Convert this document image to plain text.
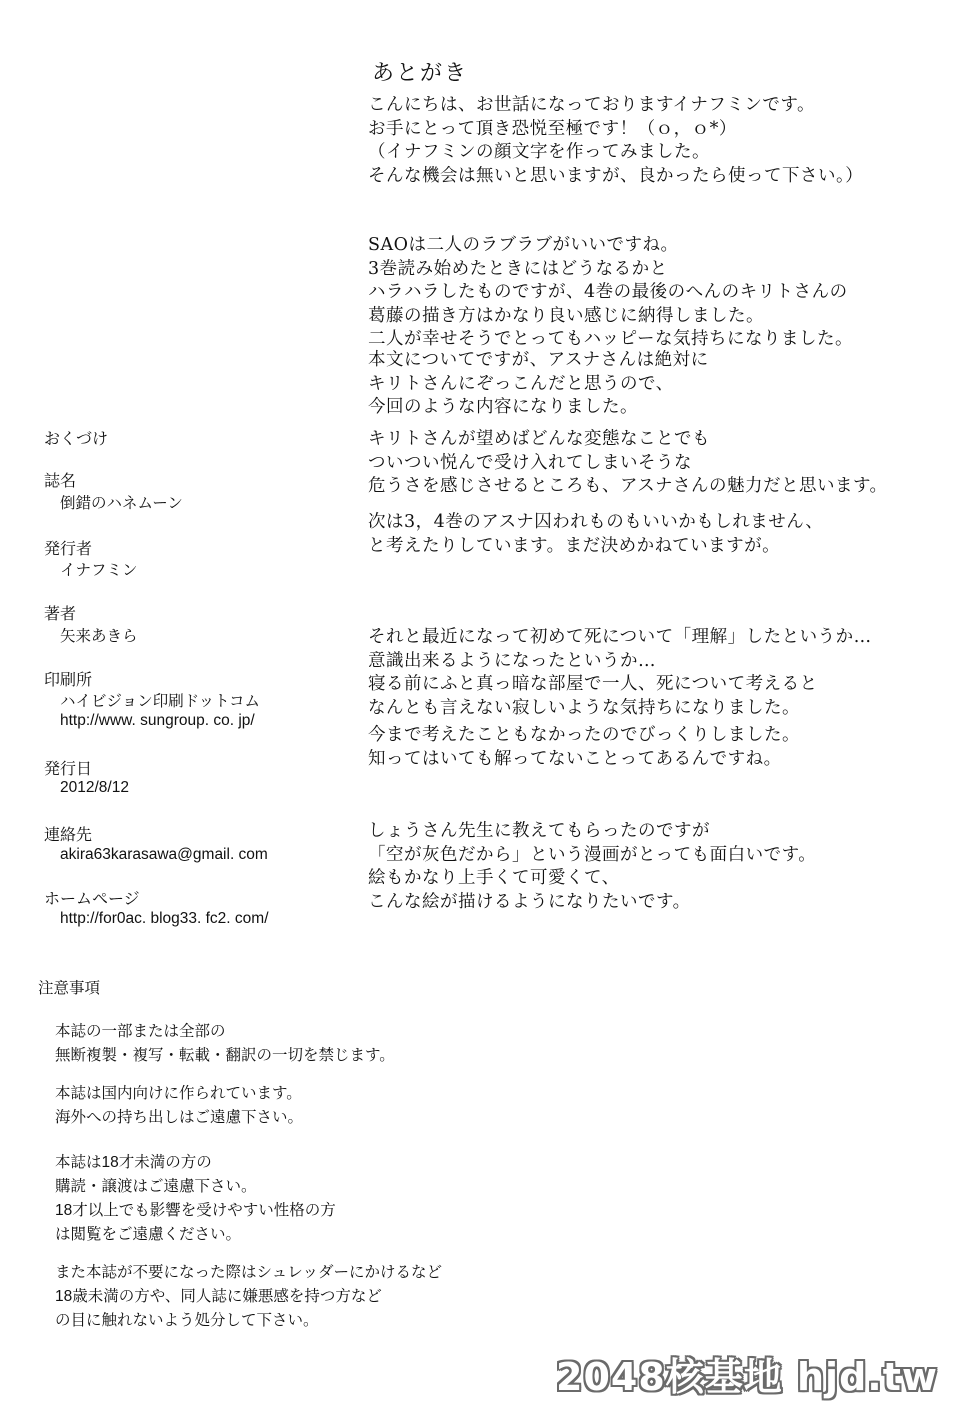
あとがき
こんにちは、お世話になっておりますイナフミンです。
お手にとって頂き恐悦至極です！（ｏ，ｏ*）
（イナフミンの顔文字を作ってみました。
そんな機会は無いと思いますが、良かったら使って下さい。）
SAOは二人のラブラブがいいですね。
3巻読み始めたときにはどうなるかと
ハラハラしたものですが、4巻の最後のへんのキリトさんの
葛藤の描き方はかなり良い感じに納得しました。
二人が幸せそうでとってもハッピーな気持ちになりました。
本文についてですが、アスナさんは絶対に
キリトさんにぞっこんだと思うので、
今回のような内容になりました。
キリトさんが望めばどんな変態なことでも
ついつい悦んで受け入れてしまいそうな
危うさを感じさせるところも、アスナさんの魅力だと思います。
次は3，4巻のアスナ囚われものもいいかもしれません、
と考えたりしています。まだ決めかねていますが。
それと最近になって初めて死について「理解」したというか…
意識出来るようになったというか…
寝る前にふと真っ暗な部屋で一人、死について考えると
なんとも言えない寂しいような気持ちになりました。
今まで考えたこともなかったのでびっくりしました。
知ってはいても解ってないことってあるんですね。
しょうさん先生に教えてもらったのですが
「空が灰色だから」という漫画がとっても面白いです。
絵もかなり上手くて可愛くて、
こんな絵が描けるようになりたいです。
おくづけ
誌名
倒錯のハネムーン
発行者
イナフミン
著者
矢来あきら
印刷所
ハイビジョン印刷ドットコム
http://www. sungroup. co. jp/
発行日
2012/8/12
連絡先
akira63karasawa@gmail. com
ホームページ
http://for0ac. blog33. fc2. com/
注意事項
本誌の一部または全部の
無断複製・複写・転載・翻訳の一切を禁じます。
本誌は国内向けに作られています。
海外への持ち出しはご遠慮下さい。
本誌は18才未満の方の
購読・譲渡はご遠慮下さい。
18才以上でも影響を受けやすい性格の方
は閲覧をご遠慮ください。
また本誌が不要になった際はシュレッダーにかけるなど
18歳未満の方や、同人誌に嫌悪感を持つ方など
の目に触れないよう処分して下さい。
2048核基地 hjd.tw
